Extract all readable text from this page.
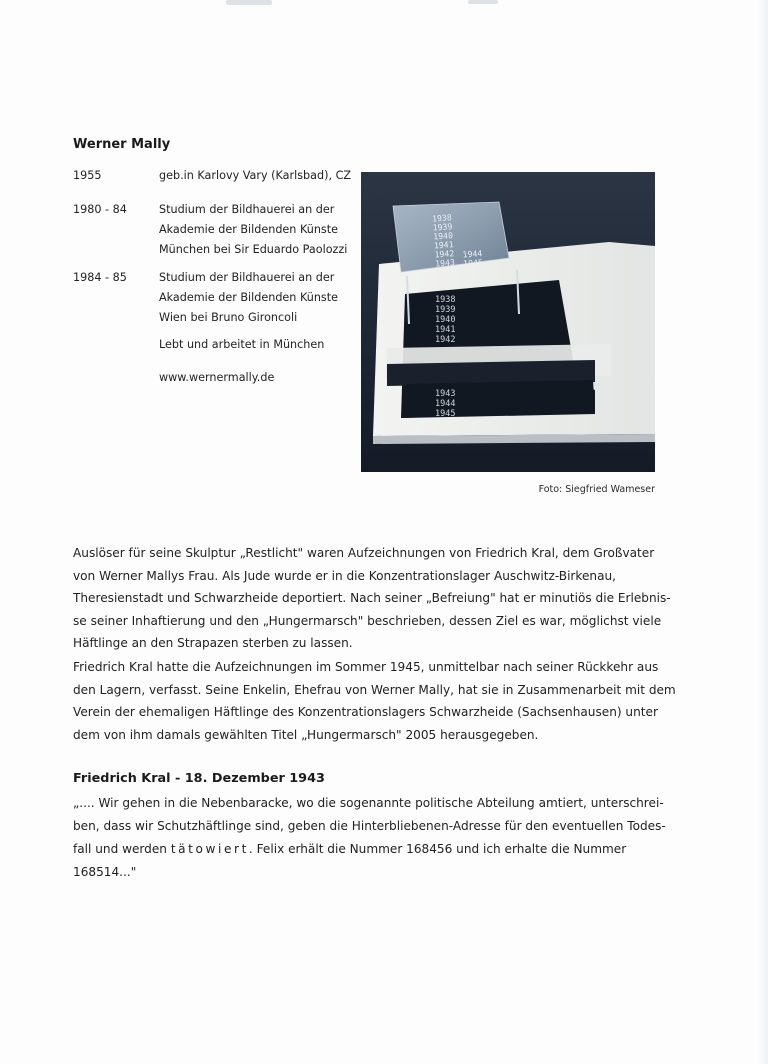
Werner Mally
1955	geb.in Karlovy Vary (Karlsbad), CZ
1980 - 84	Studium der Bildhauerei an der
Akademie der Bildenden Künste
München bei Sir Eduardo Paolozzi
1984 - 85	Studium der Bildhauerei an der
Akademie der Bildenden Künste
Wien bei Bruno Gironcoli
Lebt und arbeitet in München
www.wernermally.de
1938
1939
1940
1941
1942
1943
1944
1945
1938
1939
1940
1941
1942
1943
1944
1945
Foto: Siegfried Wameser
Auslöser für seine Skulptur „Restlicht" waren Aufzeichnungen von Friedrich Kral, dem Großvater
von Werner Mallys Frau. Als Jude wurde er in die Konzentrationslager Auschwitz-Birkenau,
Theresienstadt und Schwarzheide deportiert. Nach seiner „Befreiung" hat er minutiös die Erlebnis-
se seiner Inhaftierung und den „Hungermarsch" beschrieben, dessen Ziel es war, möglichst viele
Häftlinge an den Strapazen sterben zu lassen.
Friedrich Kral hatte die Aufzeichnungen im Sommer 1945, unmittelbar nach seiner Rückkehr aus
den Lagern, verfasst. Seine Enkelin, Ehefrau von Werner Mally, hat sie in Zusammenarbeit mit dem
Verein der ehemaligen Häftlinge des Konzentrationslagers Schwarzheide (Sachsenhausen) unter
dem von ihm damals gewählten Titel „Hungermarsch" 2005 herausgegeben.
Friedrich Kral - 18. Dezember 1943
„.... Wir gehen in die Nebenbaracke, wo die sogenannte politische Abteilung amtiert, unterschrei-
ben, dass wir Schutzhäftlinge sind, geben die Hinterbliebenen-Adresse für den eventuellen Todes-
fall und werden tätowiert. Felix erhält die Nummer 168456 und ich erhalte die Nummer
168514..."
